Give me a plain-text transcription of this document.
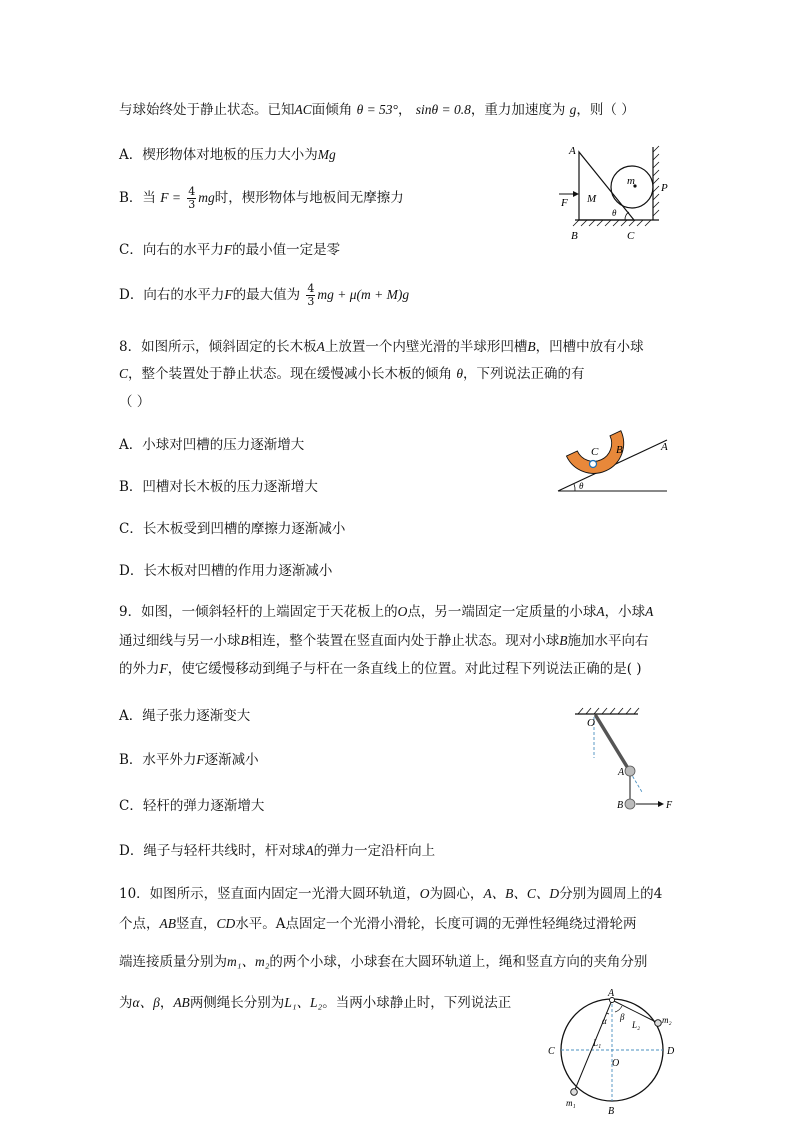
与球始终处于静止状态。已知AC面倾角 θ = 53°， sinθ = 0.8，重力加速度为 g，则（ ）
A．楔形物体对地板的压力大小为Mg
B．当 $F = \frac{4}{3}$ mg时，楔形物体与地板间无摩擦力
C．向右的水平力F的最小值一定是零
D．向右的水平力F的最大值为 $\frac{4}{3}$ mg + μ(m + M)g
A
B	C
M
m
P
F
θ
8．如图所示，倾斜固定的长木板A上放置一个内壁光滑的半球形凹槽B，凹槽中放有小球
C，整个装置处于静止状态。现在缓慢减小长木板的倾角 θ，下列说法正确的有
（ ）
A．小球对凹槽的压力逐渐增大
B．凹槽对长木板的压力逐渐增大
C．长木板受到凹槽的摩擦力逐渐减小
D．长木板对凹槽的作用力逐渐减小
A
B
C
θ
9．如图，一倾斜轻杆的上端固定于天花板上的O点，另一端固定一定质量的小球A，小球A
通过细线与另一小球B相连，整个装置在竖直面内处于静止状态。现对小球B施加水平向右
的外力F，使它缓慢移动到绳子与杆在一条直线上的位置。对此过程下列说法正确的是( )
A．绳子张力逐渐变大
B．水平外力F逐渐减小
C．轻杆的弹力逐渐增大
D．绳子与轻杆共线时，杆对球A的弹力一定沿杆向上
O
A
B	F
10．如图所示，竖直面内固定一光滑大圆环轨道，O为圆心，A、B、C、D分别为圆周上的4
个点，AB竖直，CD水平。A点固定一个光滑小滑轮，长度可调的无弹性轻绳绕过滑轮两
端连接质量分别为m₁、m₂的两个小球，小球套在大圆环轨道上，绳和竖直方向的夹角分别
为α、β，AB两侧绳长分别为L₁、L₂。当两小球静止时，下列说法正
A
B
C	D
O
m₁
m₂
L₁
L₂
α β
